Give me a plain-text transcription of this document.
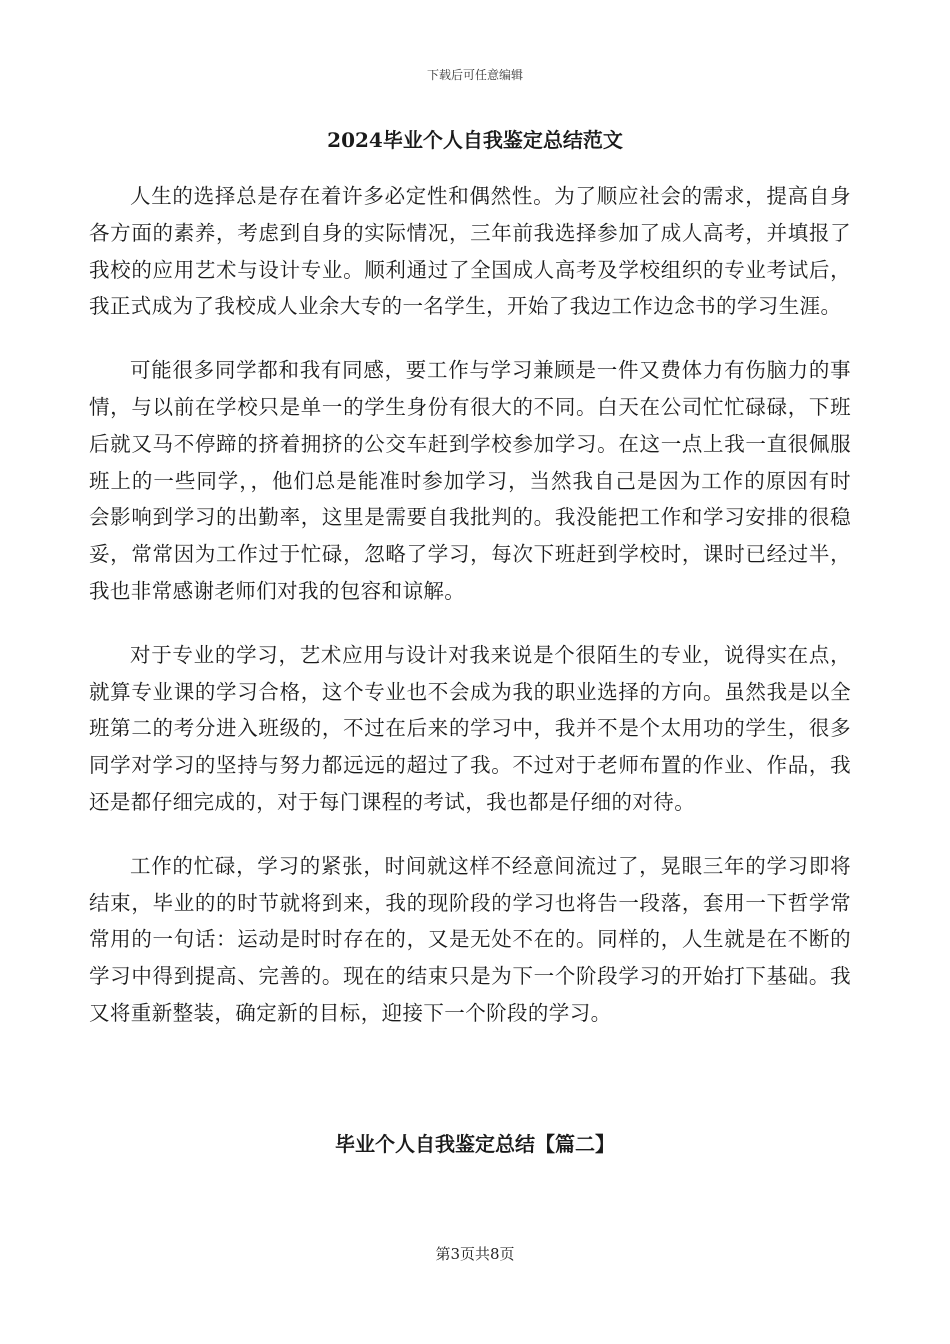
下载后可任意编辑
2024毕业个人自我鉴定总结范文

人生的选择总是存在着许多必定性和偶然性。为了顺应社会的需求，提高自身各方面的素养，考虑到自身的实际情况，三年前我选择参加了成人高考，并填报了我校的应用艺术与设计专业。顺利通过了全国成人高考及学校组织的专业考试后，我正式成为了我校成人业余大专的一名学生，开始了我边工作边念书的学习生涯。

可能很多同学都和我有同感，要工作与学习兼顾是一件又费体力有伤脑力的事情，与以前在学校只是单一的学生身份有很大的不同。白天在公司忙忙碌碌，下班后就又马不停蹄的挤着拥挤的公交车赶到学校参加学习。在这一点上我一直很佩服班上的一些同学，，他们总是能准时参加学习，当然我自己是因为工作的原因有时会影响到学习的出勤率，这里是需要自我批判的。我没能把工作和学习安排的很稳妥，常常因为工作过于忙碌，忽略了学习，每次下班赶到学校时，课时已经过半，我也非常感谢老师们对我的包容和谅解。

对于专业的学习，艺术应用与设计对我来说是个很陌生的专业，说得实在点，就算专业课的学习合格，这个专业也不会成为我的职业选择的方向。虽然我是以全班第二的考分进入班级的，不过在后来的学习中，我并不是个太用功的学生，很多同学对学习的坚持与努力都远远的超过了我。不过对于老师布置的作业、作品，我还是都仔细完成的，对于每门课程的考试，我也都是仔细的对待。

工作的忙碌，学习的紧张，时间就这样不经意间流过了，晃眼三年的学习即将结束，毕业的的时节就将到来，我的现阶段的学习也将告一段落，套用一下哲学常常用的一句话：运动是时时存在的，又是无处不在的。同样的，人生就是在不断的学习中得到提高、完善的。现在的结束只是为下一个阶段学习的开始打下基础。我又将重新整装，确定新的目标，迎接下一个阶段的学习。

毕业个人自我鉴定总结【篇二】
第3页共8页
